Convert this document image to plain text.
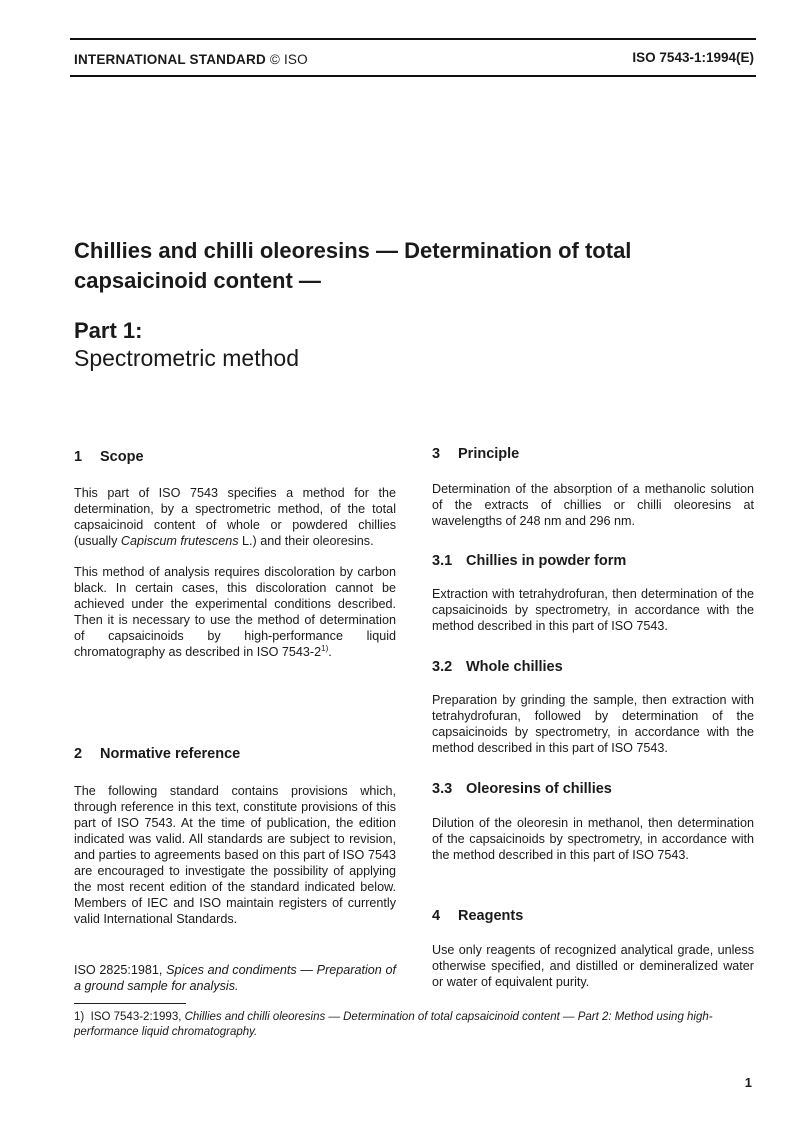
INTERNATIONAL STANDARD © ISO	ISO 7543-1:1994(E)
Chillies and chilli oleoresins — Determination of total capsaicinoid content —
Part 1:
Spectrometric method
1 Scope
This part of ISO 7543 specifies a method for the determination, by a spectrometric method, of the total capsaicinoid content of whole or powdered chillies (usually Capiscum frutescens L.) and their oleoresins.
This method of analysis requires discoloration by carbon black. In certain cases, this discoloration cannot be achieved under the experimental conditions described. Then it is necessary to use the method of determination of capsaicinoids by high-performance liquid chromatography as described in ISO 7543-2$^{1)}$.
2 Normative reference
The following standard contains provisions which, through reference in this text, constitute provisions of this part of ISO 7543. At the time of publication, the edition indicated was valid. All standards are subject to revision, and parties to agreements based on this part of ISO 7543 are encouraged to investigate the possibility of applying the most recent edition of the standard indicated below. Members of IEC and ISO maintain registers of currently valid International Standards.
ISO 2825:1981, Spices and condiments — Preparation of a ground sample for analysis.
3 Principle
Determination of the absorption of a methanolic solution of the extracts of chillies or chilli oleoresins at wavelengths of 248 nm and 296 nm.
3.1 Chillies in powder form
Extraction with tetrahydrofuran, then determination of the capsaicinoids by spectrometry, in accordance with the method described in this part of ISO 7543.
3.2 Whole chillies
Preparation by grinding the sample, then extraction with tetrahydrofuran, followed by determination of the capsaicinoids by spectrometry, in accordance with the method described in this part of ISO 7543.
3.3 Oleoresins of chillies
Dilution of the oleoresin in methanol, then determination of the capsaicinoids by spectrometry, in accordance with the method described in this part of ISO 7543.
4 Reagents
Use only reagents of recognized analytical grade, unless otherwise specified, and distilled or demineralized water or water of equivalent purity.
1) ISO 7543-2:1993, Chillies and chilli oleoresins — Determination of total capsaicinoid content — Part 2: Method using high-performance liquid chromatography.
1
